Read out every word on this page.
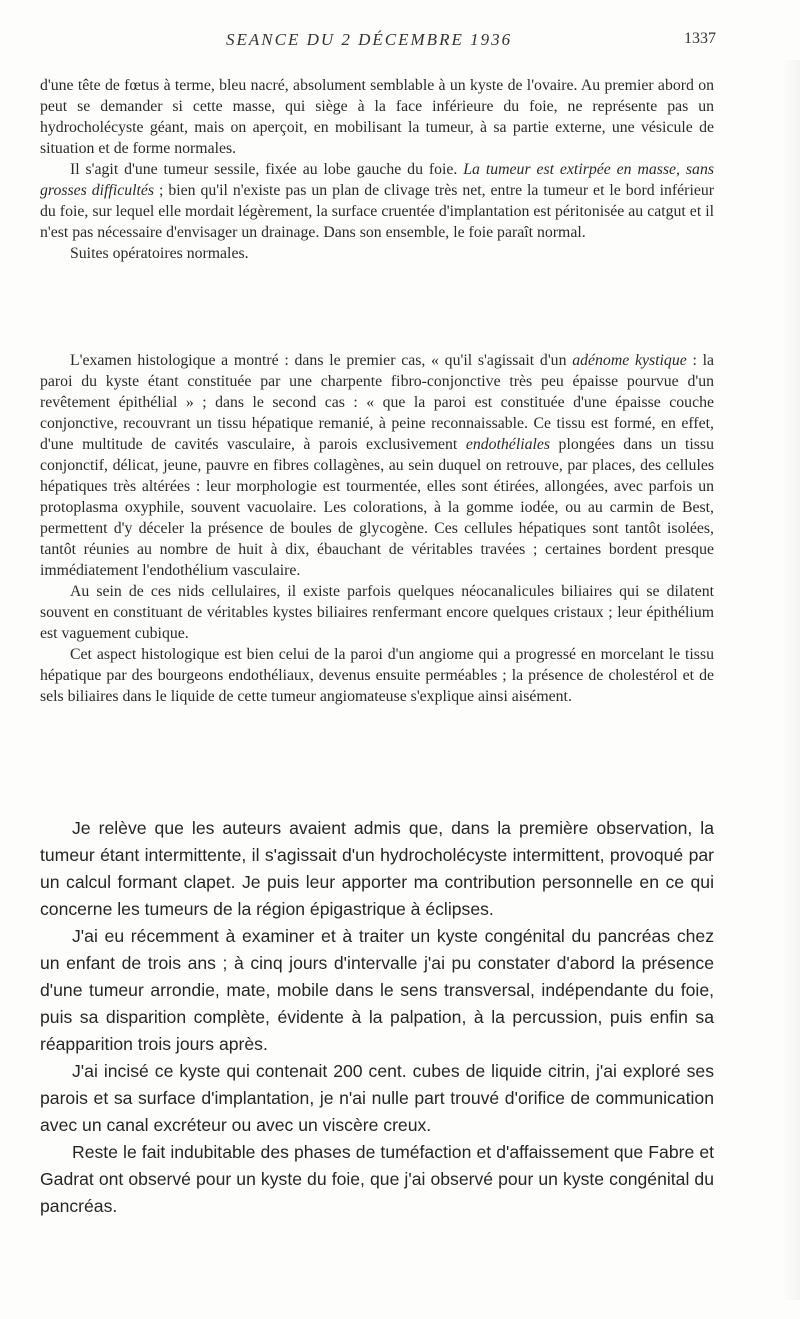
SEANCE DU 2 DÉCEMBRE 1936	1337

d'une tête de fœtus à terme, bleu nacré, absolument semblable à un kyste de l'ovaire. Au premier abord on peut se demander si cette masse, qui siège à la face inférieure du foie, ne représente pas un hydrocholécyste géant, mais on aperçoit, en mobilisant la tumeur, à sa partie externe, une vésicule de situation et de forme normales.

Il s'agit d'une tumeur sessile, fixée au lobe gauche du foie. La tumeur est extirpée en masse, sans grosses difficultés ; bien qu'il n'existe pas un plan de clivage très net, entre la tumeur et le bord inférieur du foie, sur lequel elle mordait légèrement, la surface cruentée d'implantation est péritonisée au catgut et il n'est pas nécessaire d'envisager un drainage. Dans son ensemble, le foie paraît normal.

Suites opératoires normales.

L'examen histologique a montré : dans le premier cas, « qu'il s'agissait d'un adénome kystique : la paroi du kyste étant constituée par une charpente fibro-conjonctive très peu épaisse pourvue d'un revêtement épithélial » ; dans le second cas : « que la paroi est constituée d'une épaisse couche conjonctive, recouvrant un tissu hépatique remanié, à peine reconnaissable. Ce tissu est formé, en effet, d'une multitude de cavités vasculaire, à parois exclusivement endothéliales plongées dans un tissu conjonctif, délicat, jeune, pauvre en fibres collagènes, au sein duquel on retrouve, par places, des cellules hépatiques très altérées : leur morphologie est tourmentée, elles sont étirées, allongées, avec parfois un protoplasma oxyphile, souvent vacuolaire. Les colorations, à la gomme iodée, ou au carmin de Best, permettent d'y déceler la présence de boules de glycogène. Ces cellules hépatiques sont tantôt isolées, tantôt réunies au nombre de huit à dix, ébauchant de véritables travées ; certaines bordent presque immédiatement l'endothélium vasculaire.

Au sein de ces nids cellulaires, il existe parfois quelques néocanalicules biliaires qui se dilatent souvent en constituant de véritables kystes biliaires renfermant encore quelques cristaux ; leur épithélium est vaguement cubique.

Cet aspect histologique est bien celui de la paroi d'un angiome qui a progressé en morcelant le tissu hépatique par des bourgeons endothéliaux, devenus ensuite perméables ; la présence de cholestérol et de sels biliaires dans le liquide de cette tumeur angiomateuse s'explique ainsi aisément.

Je relève que les auteurs avaient admis que, dans la première observation, la tumeur étant intermittente, il s'agissait d'un hydrocholécyste intermittent, provoqué par un calcul formant clapet. Je puis leur apporter ma contribution personnelle en ce qui concerne les tumeurs de la région épigastrique à éclipses.

J'ai eu récemment à examiner et à traiter un kyste congénital du pancréas chez un enfant de trois ans ; à cinq jours d'intervalle j'ai pu constater d'abord la présence d'une tumeur arrondie, mate, mobile dans le sens transversal, indépendante du foie, puis sa disparition complète, évidente à la palpation, à la percussion, puis enfin sa réapparition trois jours après.

J'ai incisé ce kyste qui contenait 200 cent. cubes de liquide citrin, j'ai exploré ses parois et sa surface d'implantation, je n'ai nulle part trouvé d'orifice de communication avec un canal excréteur ou avec un viscère creux.

Reste le fait indubitable des phases de tuméfaction et d'affaissement que Fabre et Gadrat ont observé pour un kyste du foie, que j'ai observé pour un kyste congénital du pancréas.
